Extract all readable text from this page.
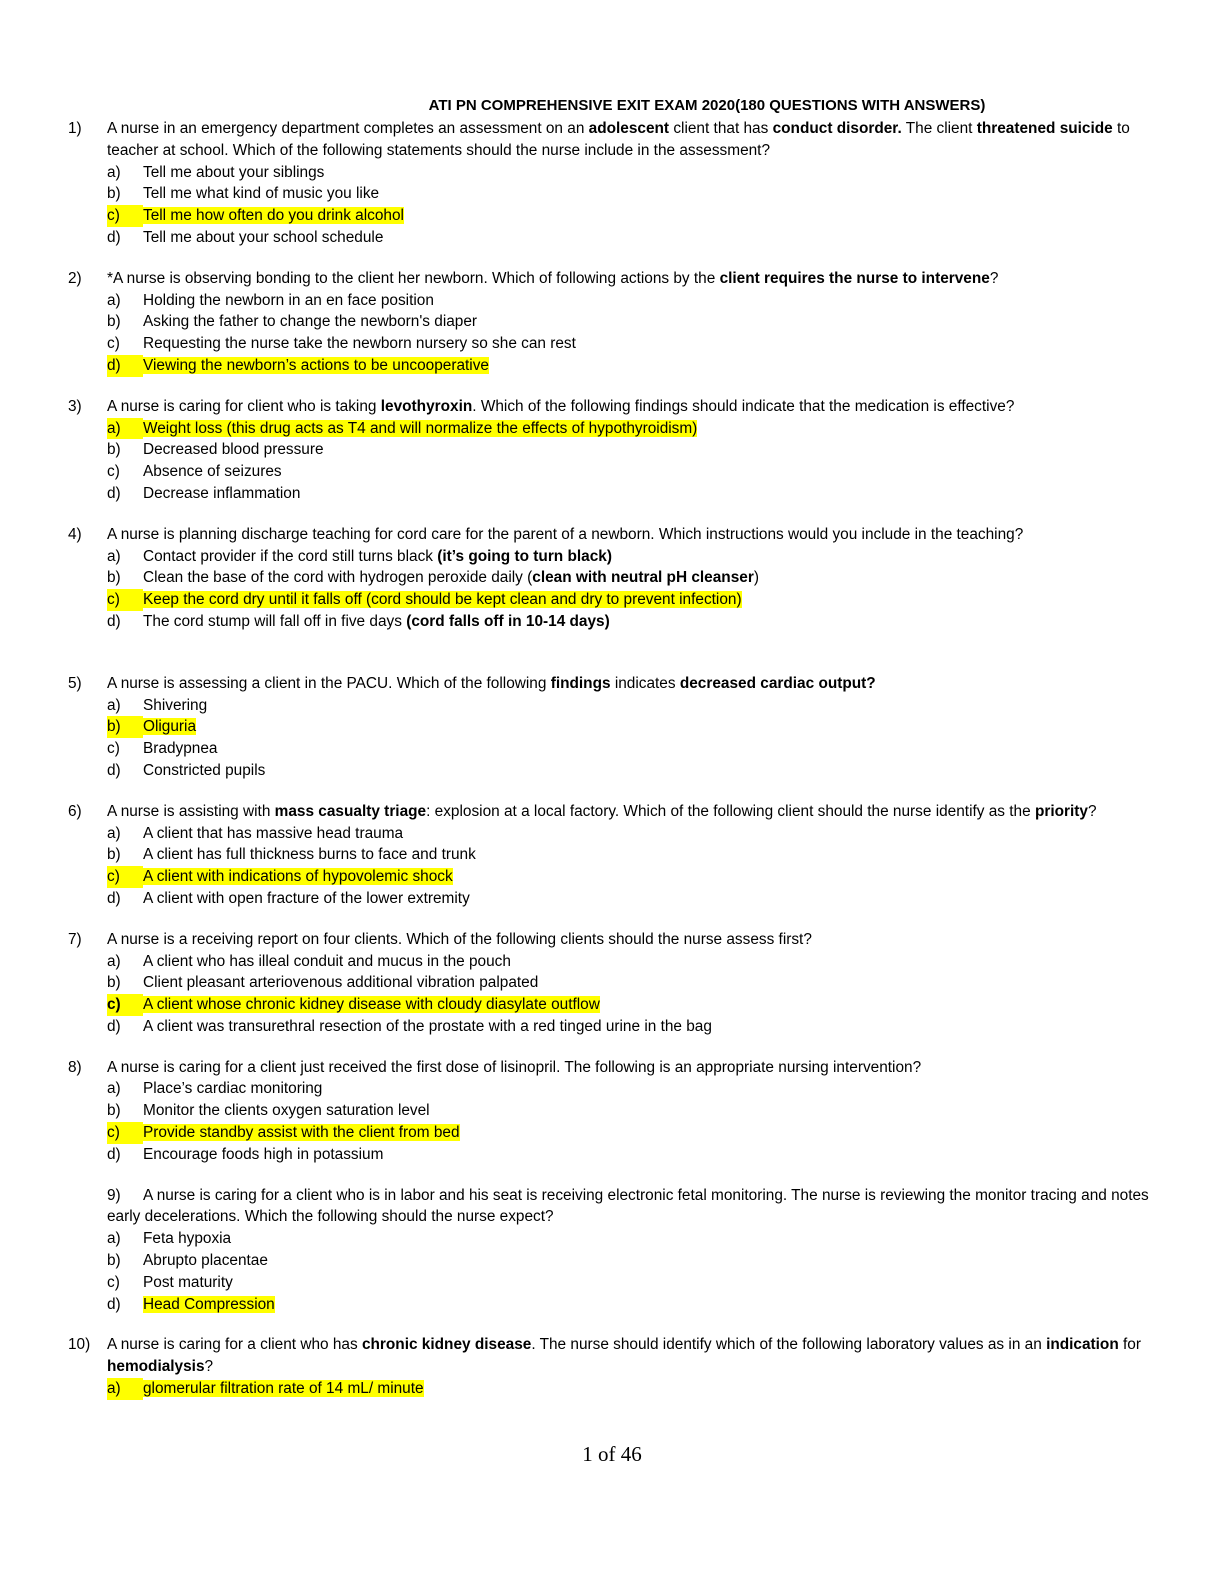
ATI PN COMPREHENSIVE EXIT EXAM 2020(180 QUESTIONS WITH ANSWERS)
1)	A nurse in an emergency department completes an assessment on an adolescent client that has conduct disorder. The client threatened suicide to teacher at school. Which of the following statements should the nurse include in the assessment?
a) Tell me about your siblings
b) Tell me what kind of music you like
c)	Tell me how often do you drink alcohol
d) Tell me about your school schedule
2)	*A nurse is observing bonding to the client her newborn. Which of following actions by the client requires the nurse to intervene?
a) Holding the newborn in an en face position
b) Asking the father to change the newborn's diaper
c) Requesting the nurse take the newborn nursery so she can rest
d)	Viewing the newborn’s actions to be uncooperative
3)	A nurse is caring for client who is taking levothyroxin. Which of the following findings should indicate that the medication is effective?
a)	Weight loss (this drug acts as T4 and will normalize the effects of hypothyroidism)
b) Decreased blood pressure
c) Absence of seizures
d) Decrease inflammation
4)	A nurse is planning discharge teaching for cord care for the parent of a newborn. Which instructions would you include in the teaching?
a) Contact provider if the cord still turns black (it’s going to turn black)
b) Clean the base of the cord with hydrogen peroxide daily (clean with neutral pH cleanser)
c)	Keep the cord dry until it falls off (cord should be kept clean and dry to prevent infection)
d) The cord stump will fall off in five days (cord falls off in 10-14 days)
5)	A nurse is assessing a client in the PACU. Which of the following findings indicates decreased cardiac output?
a) Shivering
b)	Oliguria
c) Bradypnea
d) Constricted pupils
6)	A nurse is assisting with mass casualty triage: explosion at a local factory. Which of the following client should the nurse identify as the priority?
a) A client that has massive head trauma
b) A client has full thickness burns to face and trunk
c)	A client with indications of hypovolemic shock
d) A client with open fracture of the lower extremity
7)	A nurse is a receiving report on four clients. Which of the following clients should the nurse assess first?
a) A client who has illeal conduit and mucus in the pouch
b) Client pleasant arteriovenous additional vibration palpated
c)	A client whose chronic kidney disease with cloudy diasylate outflow
d) A client was transurethral resection of the prostate with a red tinged urine in the bag
8)	A nurse is caring for a client just received the first dose of lisinopril. The following is an appropriate nursing intervention?
a) Place’s cardiac monitoring
b) Monitor the clients oxygen saturation level
c)	Provide standby assist with the client from bed
d) Encourage foods high in potassium
9) A nurse is caring for a client who is in labor and his seat is receiving electronic fetal monitoring. The nurse is reviewing the monitor tracing and notes early decelerations. Which the following should the nurse expect?
a) Feta hypoxia
b) Abrupto placentae
c) Post maturity
d) Head Compression
10)	A nurse is caring for a client who has chronic kidney disease. The nurse should identify which of the following laboratory values as in an indication for hemodialysis?
a)	glomerular filtration rate of 14 mL/ minute
1 of 46
